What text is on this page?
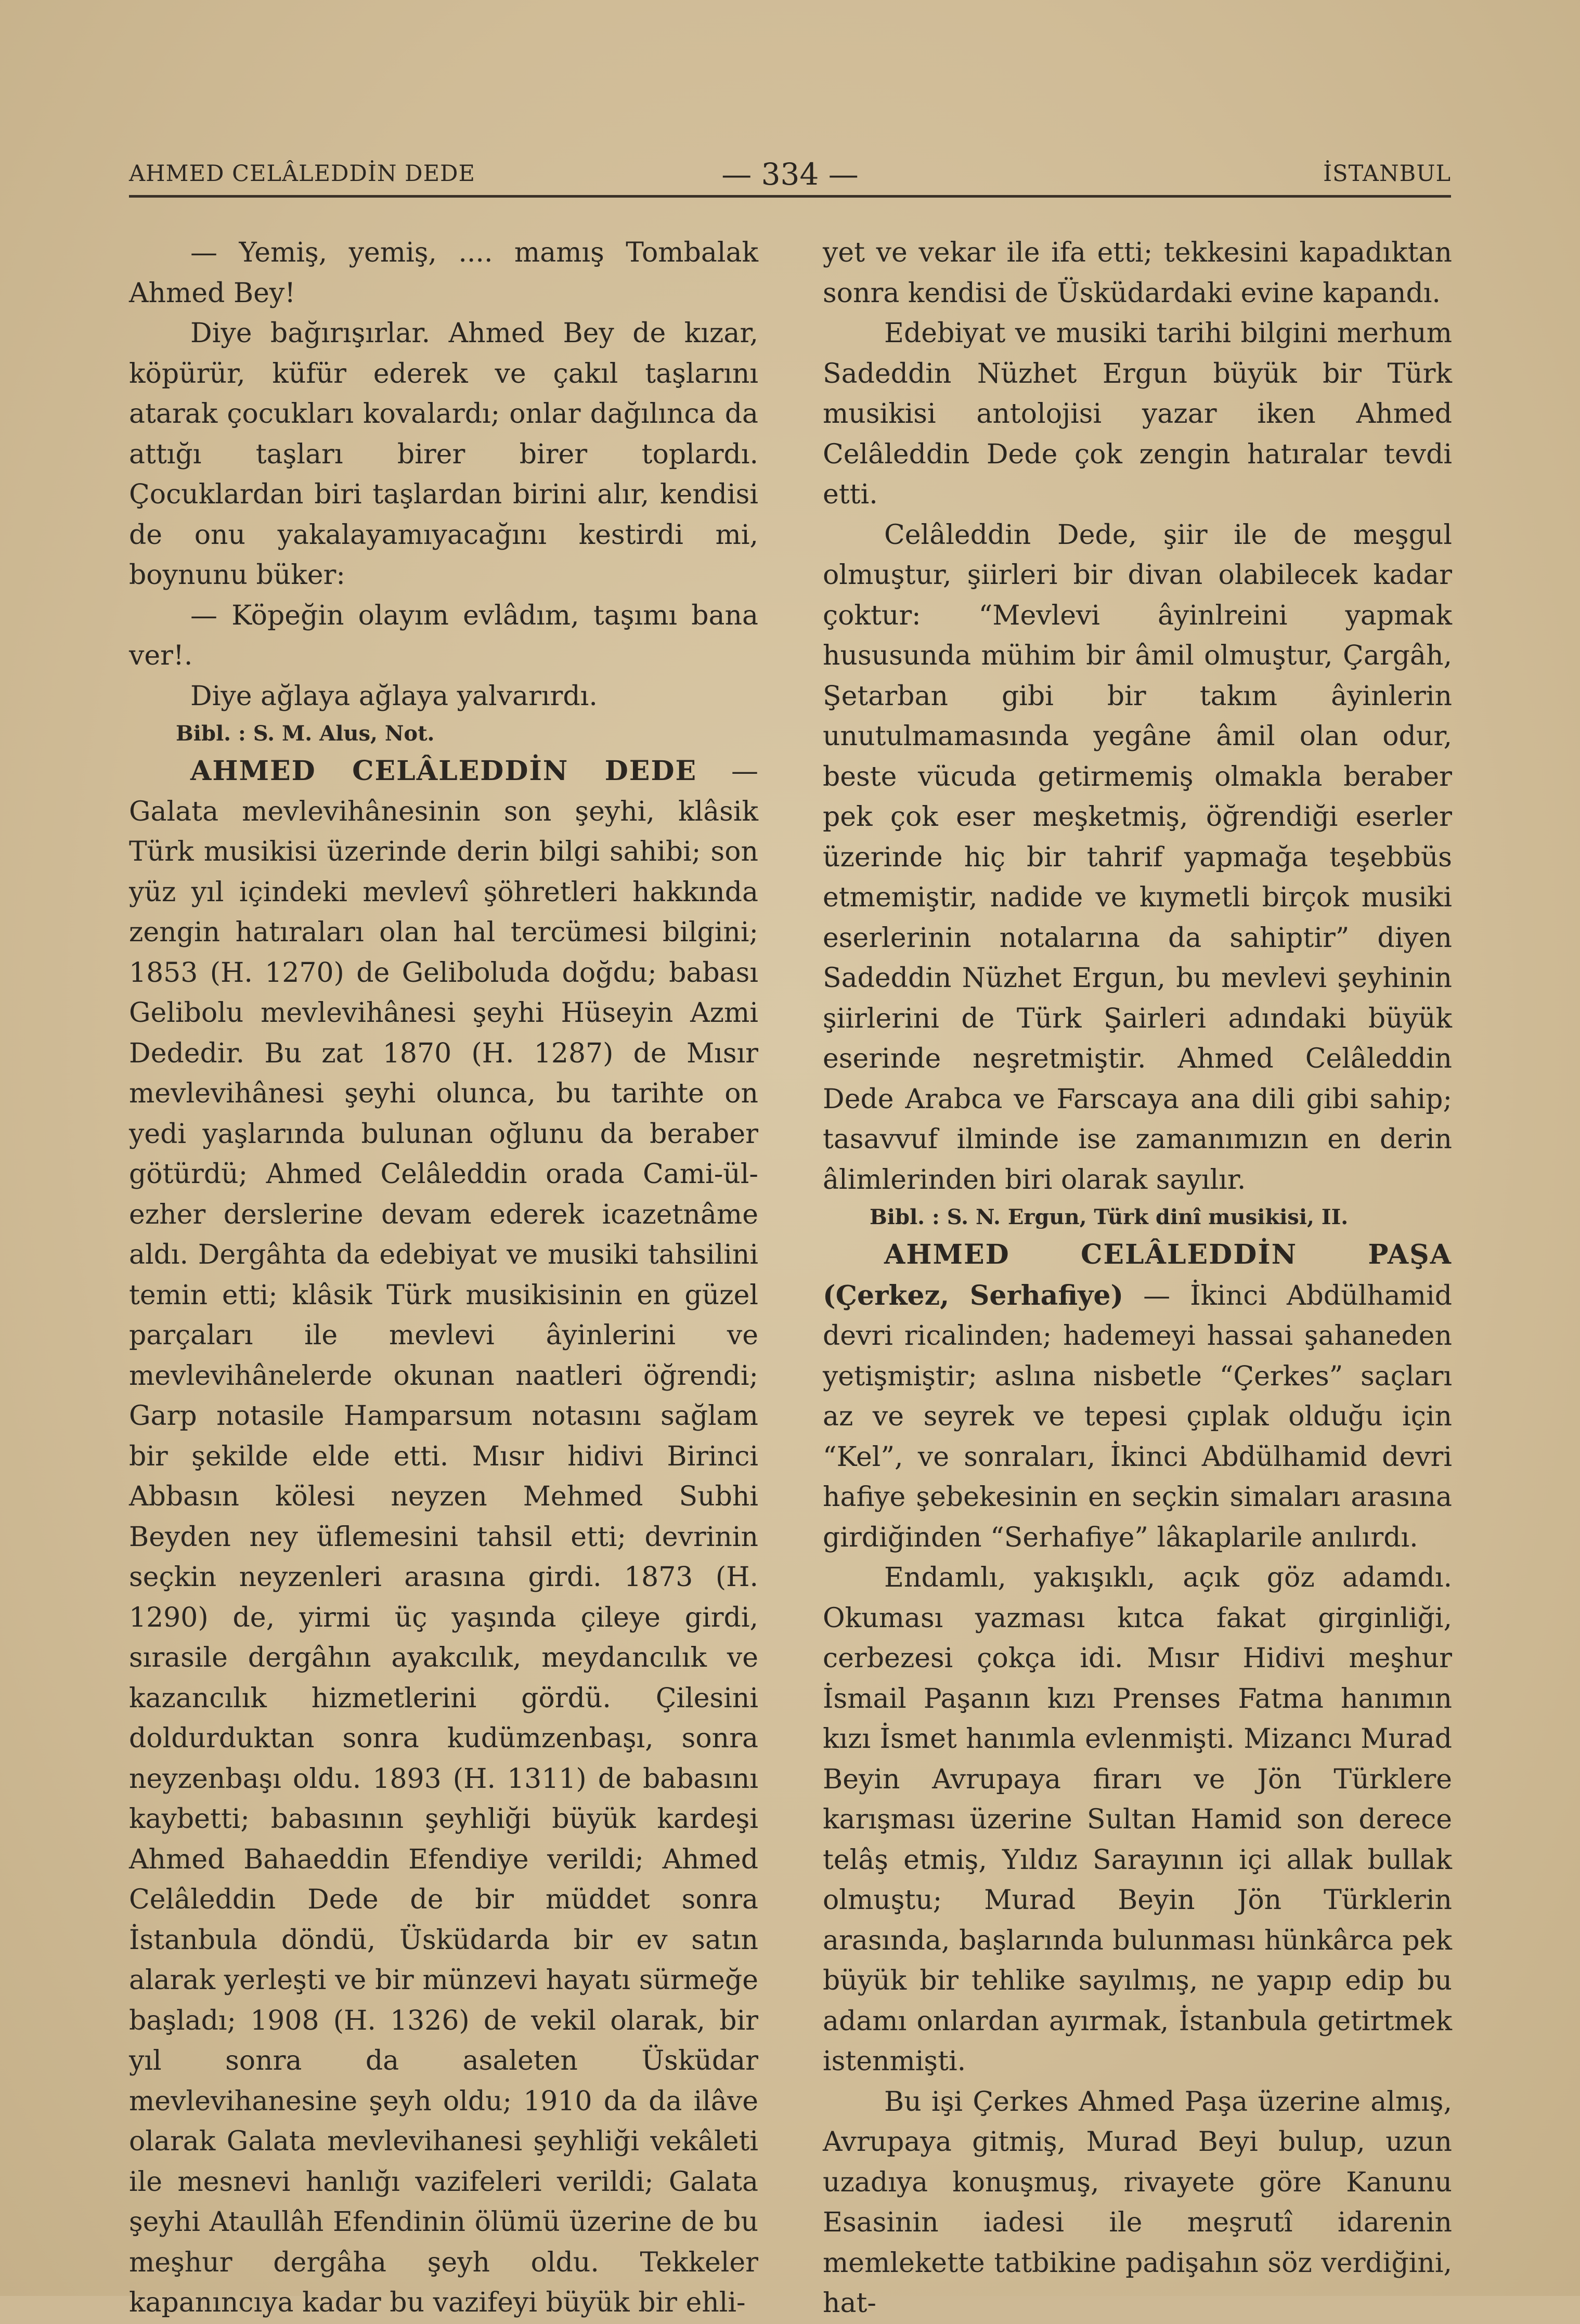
AHMED CELÂLEDDİN DEDE	— 334 —	İSTANBUL

— Yemiş, yemiş, .... mamış Tombalak Ahmed Bey!

Diye bağırışırlar. Ahmed Bey de kızar, köpürür, küfür ederek ve çakıl taşlarını atarak çocukları kovalardı; onlar dağılınca da attığı taşları birer birer toplardı. Çocuklardan biri taşlardan birini alır, kendisi de onu yakalayamıyacağını kestirdi mi, boynunu büker:

— Köpeğin olayım evlâdım, taşımı bana ver!.

Diye ağlaya ağlaya yalvarırdı.

Bibl. : S. M. Alus, Not.

AHMED CELÂLEDDİN DEDE — Galata mevlevihânesinin son şeyhi, klâsik Türk musikisi üzerinde derin bilgi sahibi; son yüz yıl içindeki mevlevî şöhretleri hakkında zengin hatıraları olan hal tercümesi bilgini; 1853 (H. 1270) de Geliboluda doğdu; babası Gelibolu mevlevihânesi şeyhi Hüseyin Azmi Dededir. Bu zat 1870 (H. 1287) de Mısır mevlevihânesi şeyhi olunca, bu tarihte on yedi yaşlarında bulunan oğlunu da beraber götürdü; Ahmed Celâleddin orada Cami-ül-ezher derslerine devam ederek icazetnâme aldı. Dergâhta da edebiyat ve musiki tahsilini temin etti; klâsik Türk musikisinin en güzel parçaları ile mevlevi âyinlerini ve mevlevihânelerde okunan naatleri öğrendi; Garp notasile Hamparsum notasını sağlam bir şekilde elde etti. Mısır hidivi Birinci Abbasın kölesi neyzen Mehmed Subhi Beyden ney üflemesini tahsil etti; devrinin seçkin neyzenleri arasına girdi. 1873 (H. 1290) de, yirmi üç yaşında çileye girdi, sırasile dergâhın ayakcılık, meydancılık ve kazancılık hizmetlerini gördü. Çilesini doldurduktan sonra kudümzenbaşı, sonra neyzenbaşı oldu. 1893 (H. 1311) de babasını kaybetti; babasının şeyhliği büyük kardeşi Ahmed Bahaeddin Efendiye verildi; Ahmed Celâleddin Dede de bir müddet sonra İstanbula döndü, Üsküdarda bir ev satın alarak yerleşti ve bir münzevi hayatı sürmeğe başladı; 1908 (H. 1326) de vekil olarak, bir yıl sonra da asaleten Üsküdar mevlevihanesine şeyh oldu; 1910 da da ilâve olarak Galata mevlevihanesi şeyhliği vekâleti ile mesnevi hanlığı vazifeleri verildi; Galata şeyhi Ataullâh Efendinin ölümü üzerine de bu meşhur dergâha şeyh oldu. Tekkeler kapanıncıya kadar bu vazifeyi büyük bir ehli-

yet ve vekar ile ifa etti; tekkesini kapadıktan sonra kendisi de Üsküdardaki evine kapandı.

Edebiyat ve musiki tarihi bilgini merhum Sadeddin Nüzhet Ergun büyük bir Türk musikisi antolojisi yazar iken Ahmed Celâleddin Dede çok zengin hatıralar tevdi etti.

Celâleddin Dede, şiir ile de meşgul olmuştur, şiirleri bir divan olabilecek kadar çoktur: “Mevlevi âyinlreini yapmak hususunda mühim bir âmil olmuştur, Çargâh, Şetarban gibi bir takım âyinlerin unutulmamasında yegâne âmil olan odur, beste vücuda getirmemiş olmakla beraber pek çok eser meşketmiş, öğrendiği eserler üzerinde hiç bir tahrif yapmağa teşebbüs etmemiştir, nadide ve kıymetli birçok musiki eserlerinin notalarına da sahiptir” diyen Sadeddin Nüzhet Ergun, bu mevlevi şeyhinin şiirlerini de Türk Şairleri adındaki büyük eserinde neşretmiştir. Ahmed Celâleddin Dede Arabca ve Farscaya ana dili gibi sahip; tasavvuf ilminde ise zamanımızın en derin âlimlerinden biri olarak sayılır.

Bibl. : S. N. Ergun, Türk dinî musikisi, II.

AHMED CELÂLEDDİN PAŞA (Çerkez, Serhafiye) — İkinci Abdülhamid devri ricalinden; hademeyi hassai şahaneden yetişmiştir; aslına nisbetle “Çerkes” saçları az ve seyrek ve tepesi çıplak olduğu için “Kel”, ve sonraları, İkinci Abdülhamid devri hafiye şebekesinin en seçkin simaları arasına girdiğinden “Serhafiye” lâkaplarile anılırdı.

Endamlı, yakışıklı, açık göz adamdı. Okuması yazması kıtca fakat girginliği, cerbezesi çokça idi. Mısır Hidivi meşhur İsmail Paşanın kızı Prenses Fatma hanımın kızı İsmet hanımla evlenmişti. Mizancı Murad Beyin Avrupaya firarı ve Jön Türklere karışması üzerine Sultan Hamid son derece telâş etmiş, Yıldız Sarayının içi allak bullak olmuştu; Murad Beyin Jön Türklerin arasında, başlarında bulunması hünkârca pek büyük bir tehlike sayılmış, ne yapıp edip bu adamı onlardan ayırmak, İstanbula getirtmek istenmişti.

Bu işi Çerkes Ahmed Paşa üzerine almış, Avrupaya gitmiş, Murad Beyi bulup, uzun uzadıya konuşmuş, rivayete göre Kanunu Esasinin iadesi ile meşrutî idarenin memlekette tatbikine padişahın söz verdiğini, hat-
